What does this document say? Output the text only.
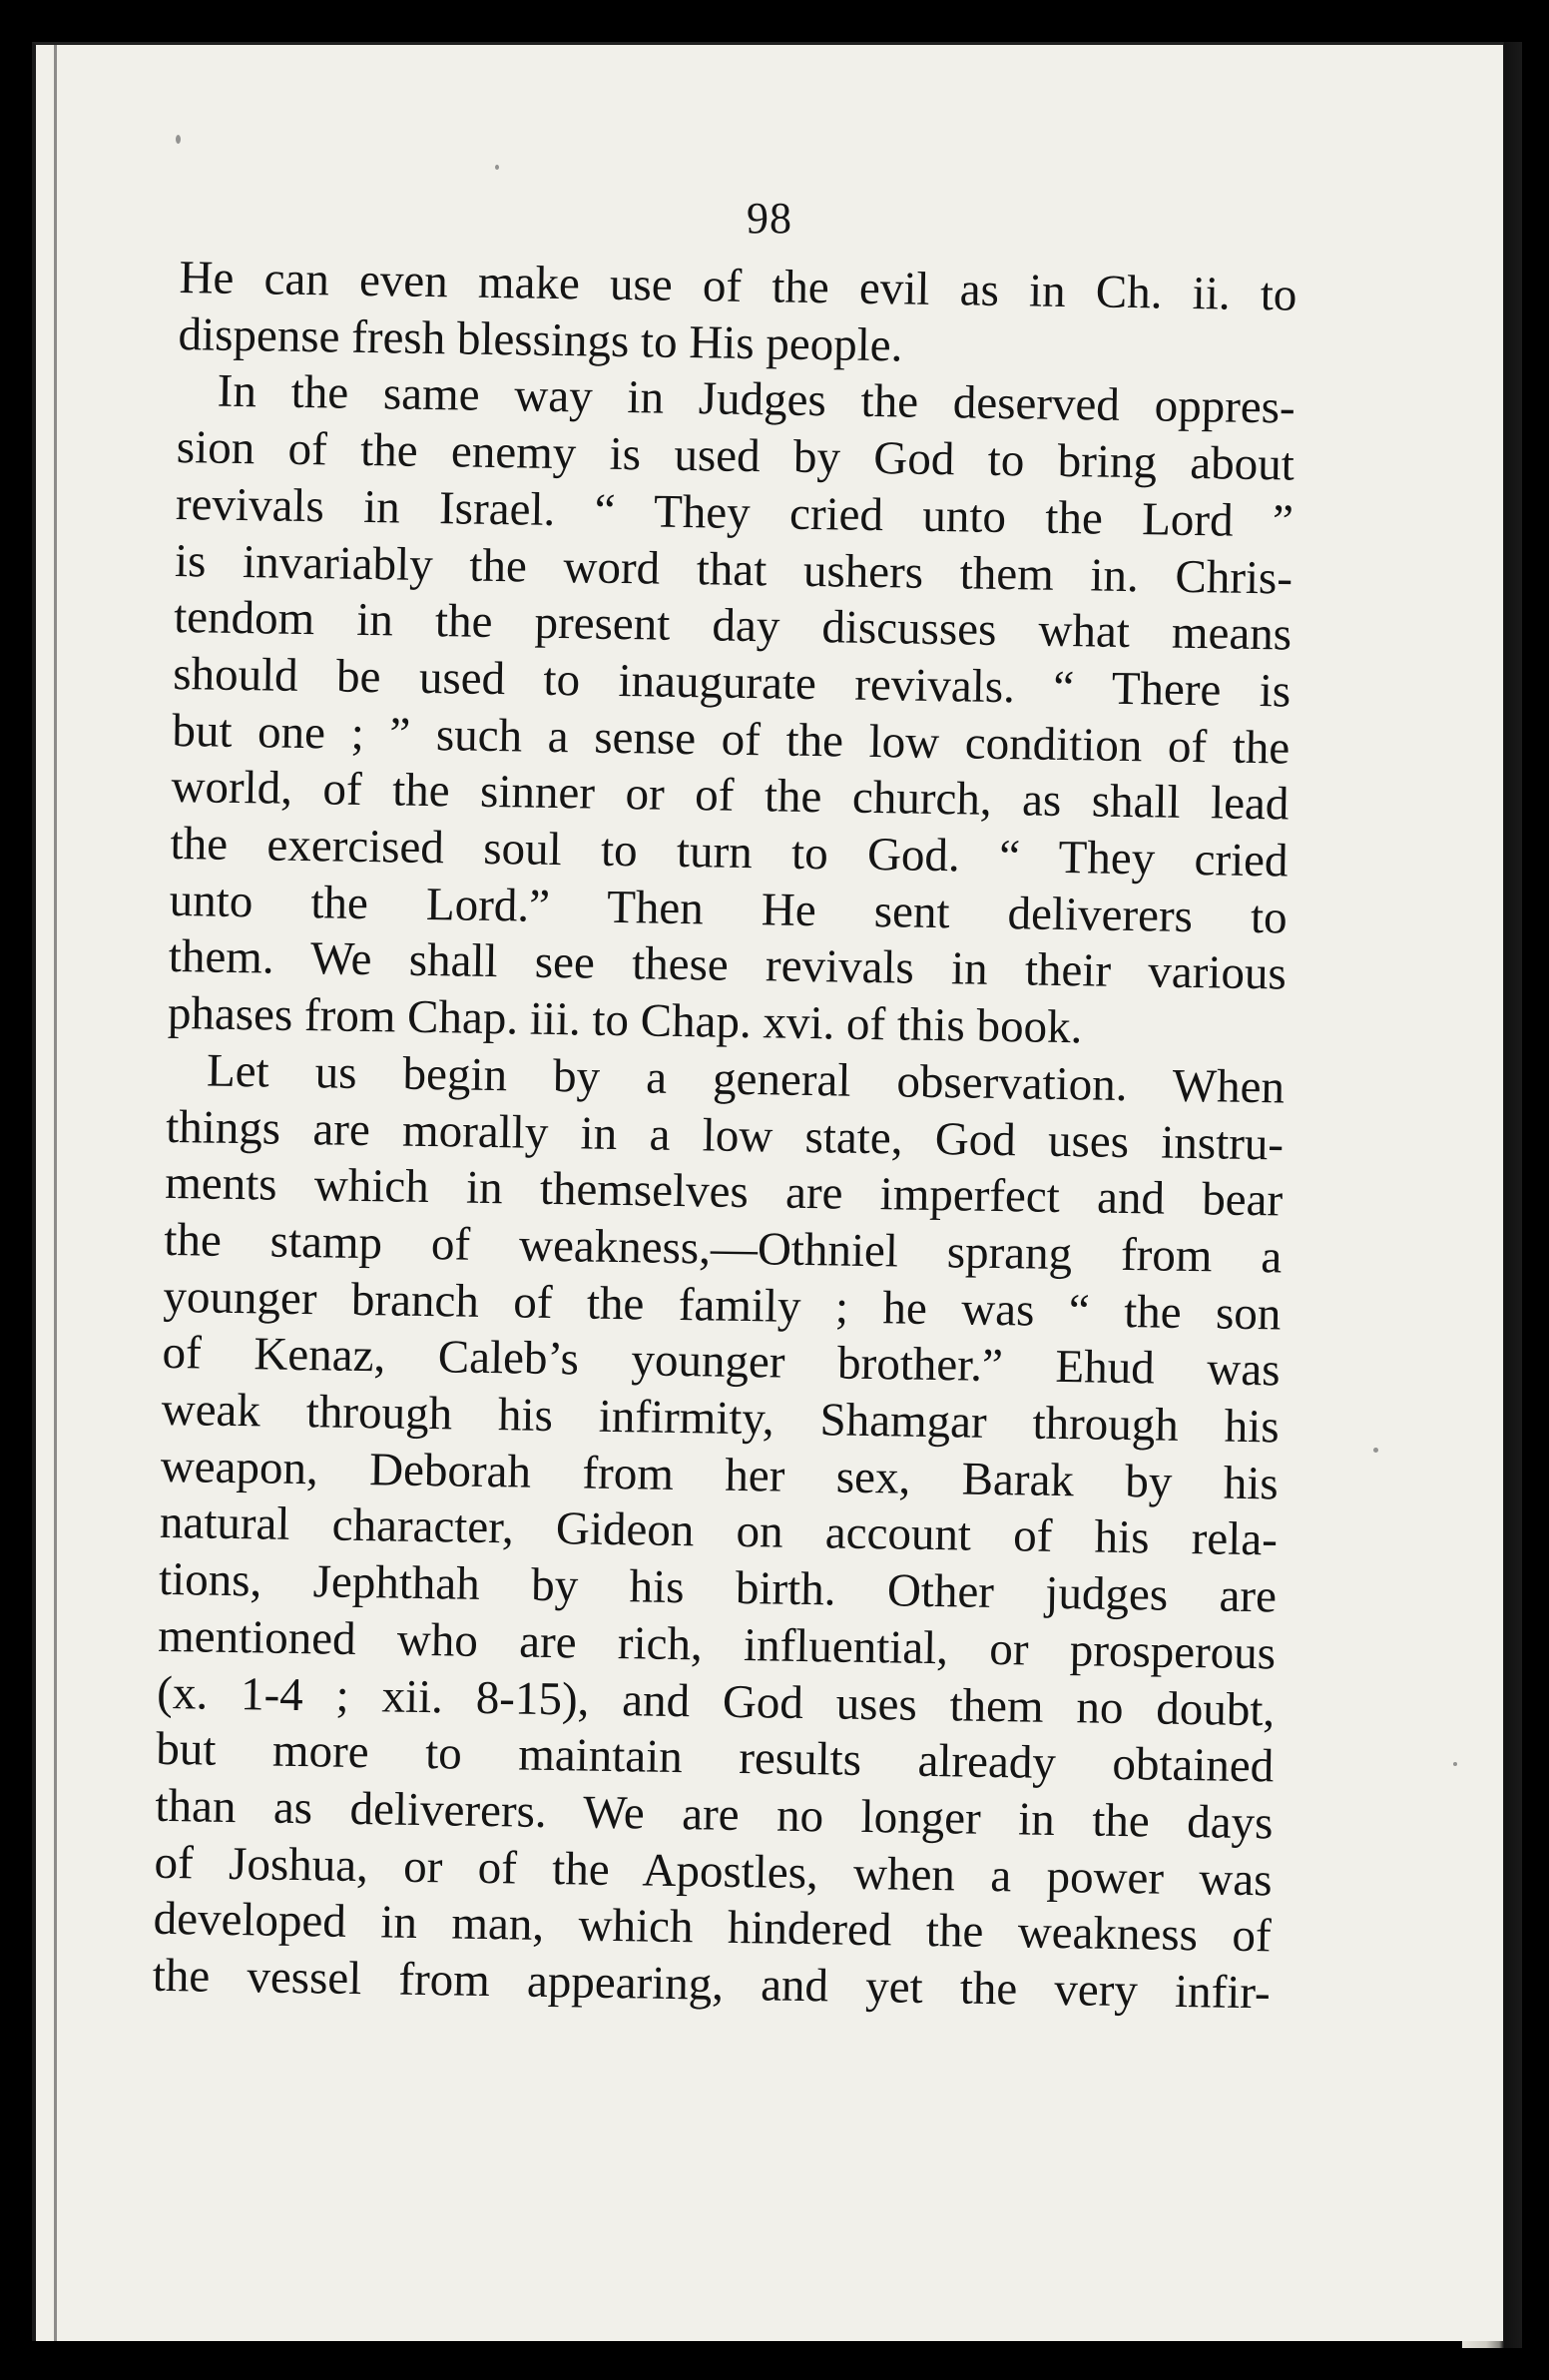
98
He can even make use of the evil as in Ch. ii. to
dispense fresh blessings to His people.
In the same way in Judges the deserved oppres-
sion of the enemy is used by God to bring about
revivals in Israel. “ They cried unto the Lord ”
is invariably the word that ushers them in. Chris-
tendom in the present day discusses what means
should be used to inaugurate revivals. “ There is
but one ; ” such a sense of the low condition of the
world, of the sinner or of the church, as shall lead
the exercised soul to turn to God. “ They cried
unto the Lord.” Then He sent deliverers to
them. We shall see these revivals in their various
phases from Chap. iii. to Chap. xvi. of this book.
Let us begin by a general observation. When
things are morally in a low state, God uses instru-
ments which in themselves are imperfect and bear
the stamp of weakness,—Othniel sprang from a
younger branch of the family ; he was “ the son
of Kenaz, Caleb’s younger brother.” Ehud was
weak through his infirmity, Shamgar through his
weapon, Deborah from her sex, Barak by his
natural character, Gideon on account of his rela-
tions, Jephthah by his birth. Other judges are
mentioned who are rich, influential, or prosperous
(x. 1-4 ; xii. 8-15), and God uses them no doubt,
but more to maintain results already obtained
than as deliverers. We are no longer in the days
of Joshua, or of the Apostles, when a power was
developed in man, which hindered the weakness of
the vessel from appearing, and yet the very infir-
